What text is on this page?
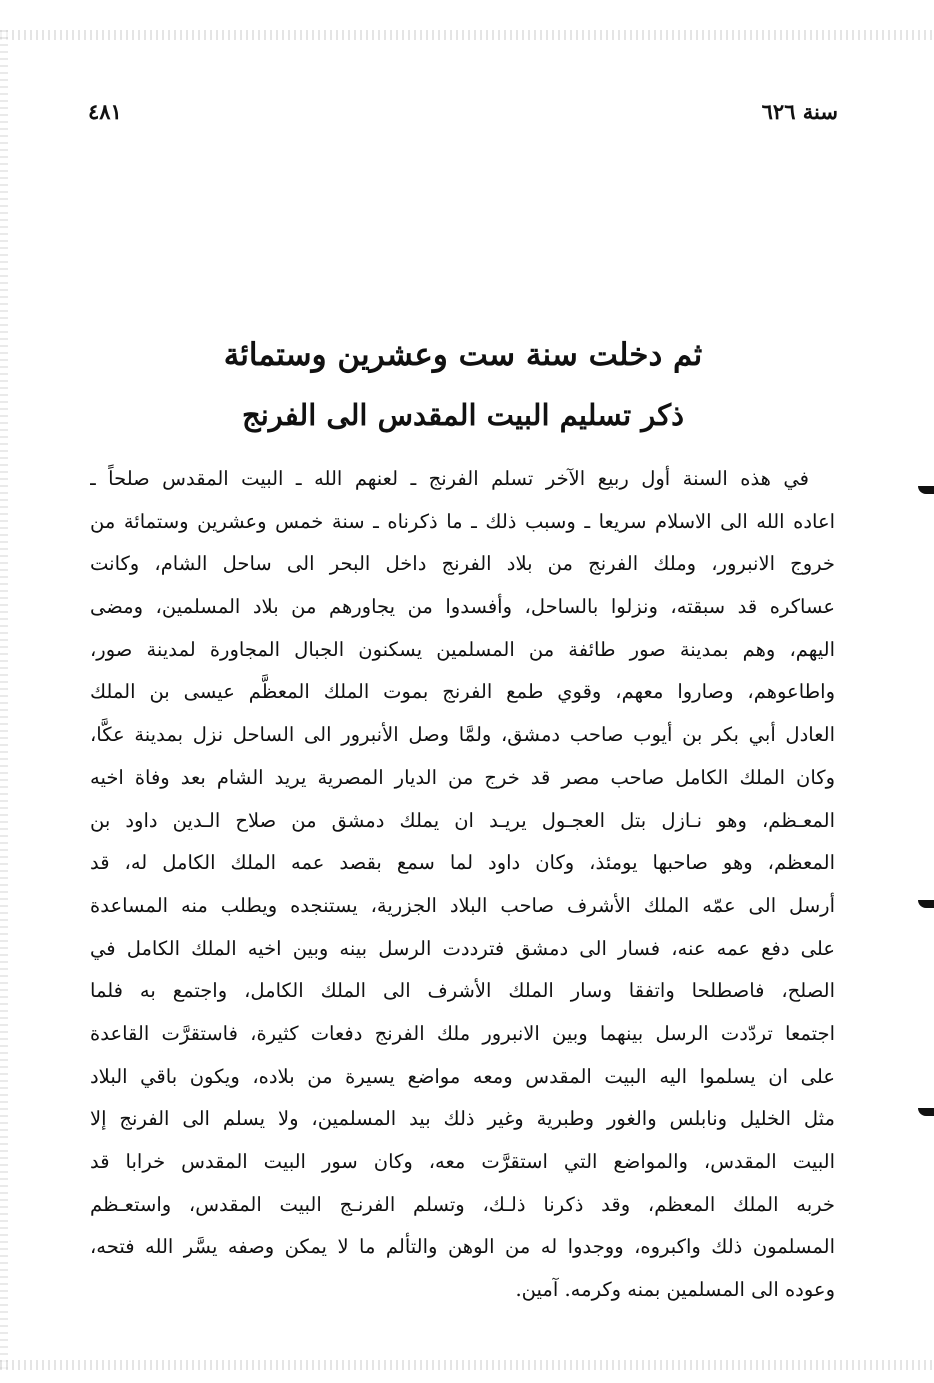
سنة ٦٢٦
٤٨١
ثم دخلت سنة ست وعشرين وستمائة
ذكر تسليم البيت المقدس الى الفرنج
في هذه السنة أول ربيع الآخر تسلم الفرنج ـ لعنهم الله ـ البيت المقدس صلحاً ـ
اعاده الله الى الاسلام سريعا ـ وسبب ذلك ـ ما ذكرناه ـ سنة خمس وعشرين وستمائة من
خروج الانبرور، وملك الفرنج من بلاد الفرنج داخل البحر الى ساحل الشام، وكانت
عساكره قد سبقته، ونزلوا بالساحل، وأفسدوا من يجاورهم من بلاد المسلمين، ومضى
اليهم، وهم بمدينة صور طائفة من المسلمين يسكنون الجبال المجاورة لمدينة صور،
واطاعوهم، وصاروا معهم، وقوي طمع الفرنج بموت الملك المعظَّم عيسى بن الملك
العادل أبي بكر بن أيوب صاحب دمشق، ولمَّا وصل الأنبرور الى الساحل نزل بمدينة عكَّا،
وكان الملك الكامل صاحب مصر قد خرج من الديار المصرية يريد الشام بعد وفاة اخيه
المعـظم، وهو نـازل بتل العجـول يريـد ان يملك دمشق من صلاح الـدين داود بن
المعظم، وهو صاحبها يومئذ، وكان داود لما سمع بقصد عمه الملك الكامل له، قد
أرسل الى عمّه الملك الأشرف صاحب البلاد الجزرية، يستنجده ويطلب منه المساعدة
على دفع عمه عنه، فسار الى دمشق فترددت الرسل بينه وبين اخيه الملك الكامل في
الصلح، فاصطلحا واتفقا وسار الملك الأشرف الى الملك الكامل، واجتمع به فلما
اجتمعا تردّدت الرسل بينهما وبين الانبرور ملك الفرنج دفعات كثيرة، فاستقرَّت القاعدة
على ان يسلموا اليه البيت المقدس ومعه مواضع يسيرة من بلاده، ويكون باقي البلاد
مثل الخليل ونابلس والغور وطبرية وغير ذلك بيد المسلمين، ولا يسلم الى الفرنج إلا
البيت المقدس، والمواضع التي استقرَّت معه، وكان سور البيت المقدس خرابا قد
خربه الملك المعظم، وقد ذكرنا ذلـك، وتسلم الفرنـج البيت المقدس، واستعـظم
المسلمون ذلك واكبروه، ووجدوا له من الوهن والتألم ما لا يمكن وصفه يسَّر الله فتحه،
وعوده الى المسلمين بمنه وكرمه. آمين.
